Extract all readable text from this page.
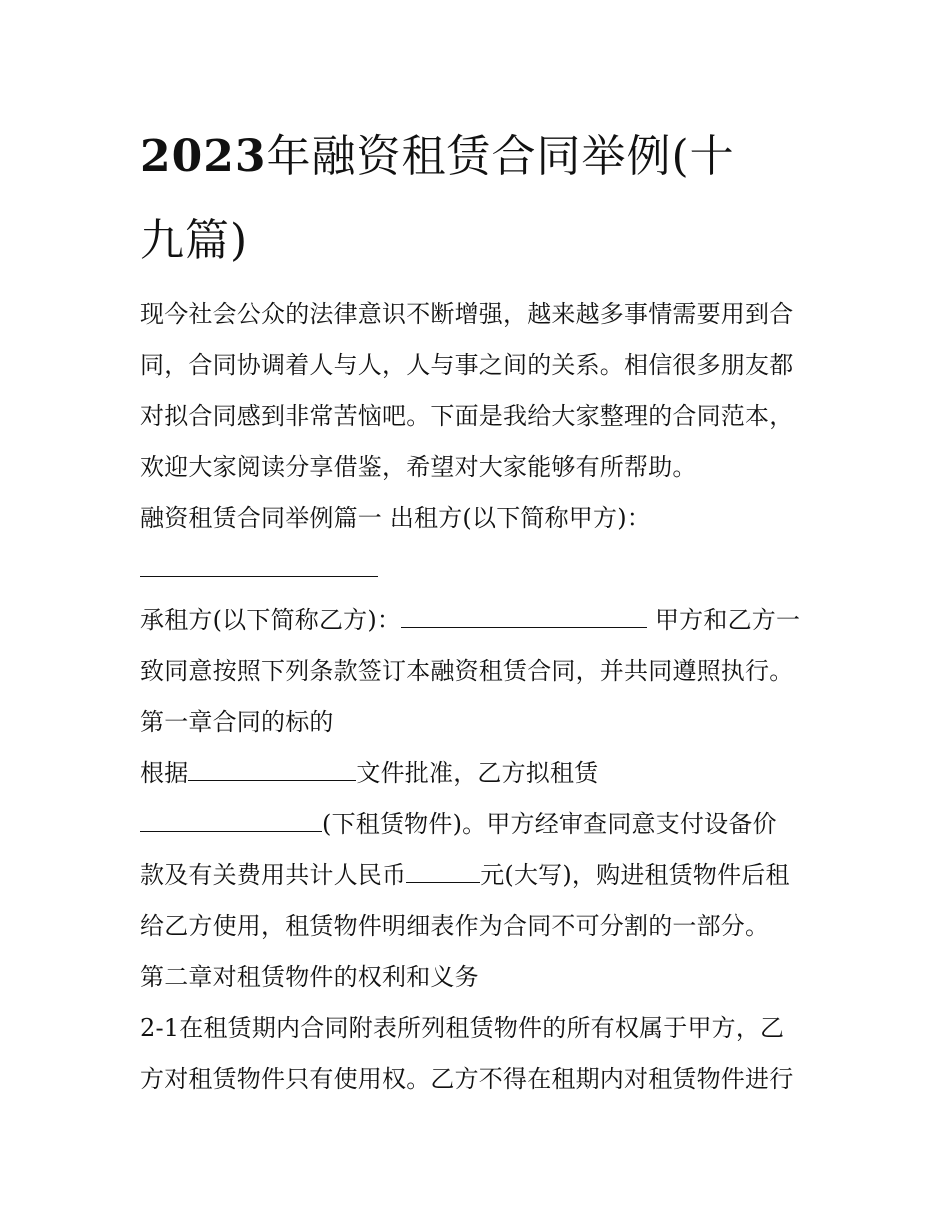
2023年融资租赁合同举例(十
九篇)
现今社会公众的法律意识不断增强，越来越多事情需要用到合
同，合同协调着人与人，人与事之间的关系。相信很多朋友都
对拟合同感到非常苦恼吧。下面是我给大家整理的合同范本，
欢迎大家阅读分享借鉴，希望对大家能够有所帮助。
融资租赁合同举例篇一 出租方(以下简称甲方)：
承租方(以下简称乙方)：	甲方和乙方一
致同意按照下列条款签订本融资租赁合同，并共同遵照执行。
第一章合同的标的
根据	文件批准，乙方拟租赁
(下租赁物件)。甲方经审查同意支付设备价
款及有关费用共计人民币	元(大写)，购进租赁物件后租
给乙方使用，租赁物件明细表作为合同不可分割的一部分。
第二章对租赁物件的权利和义务
2-1在租赁期内合同附表所列租赁物件的所有权属于甲方，乙
方对租赁物件只有使用权。乙方不得在租期内对租赁物件进行
